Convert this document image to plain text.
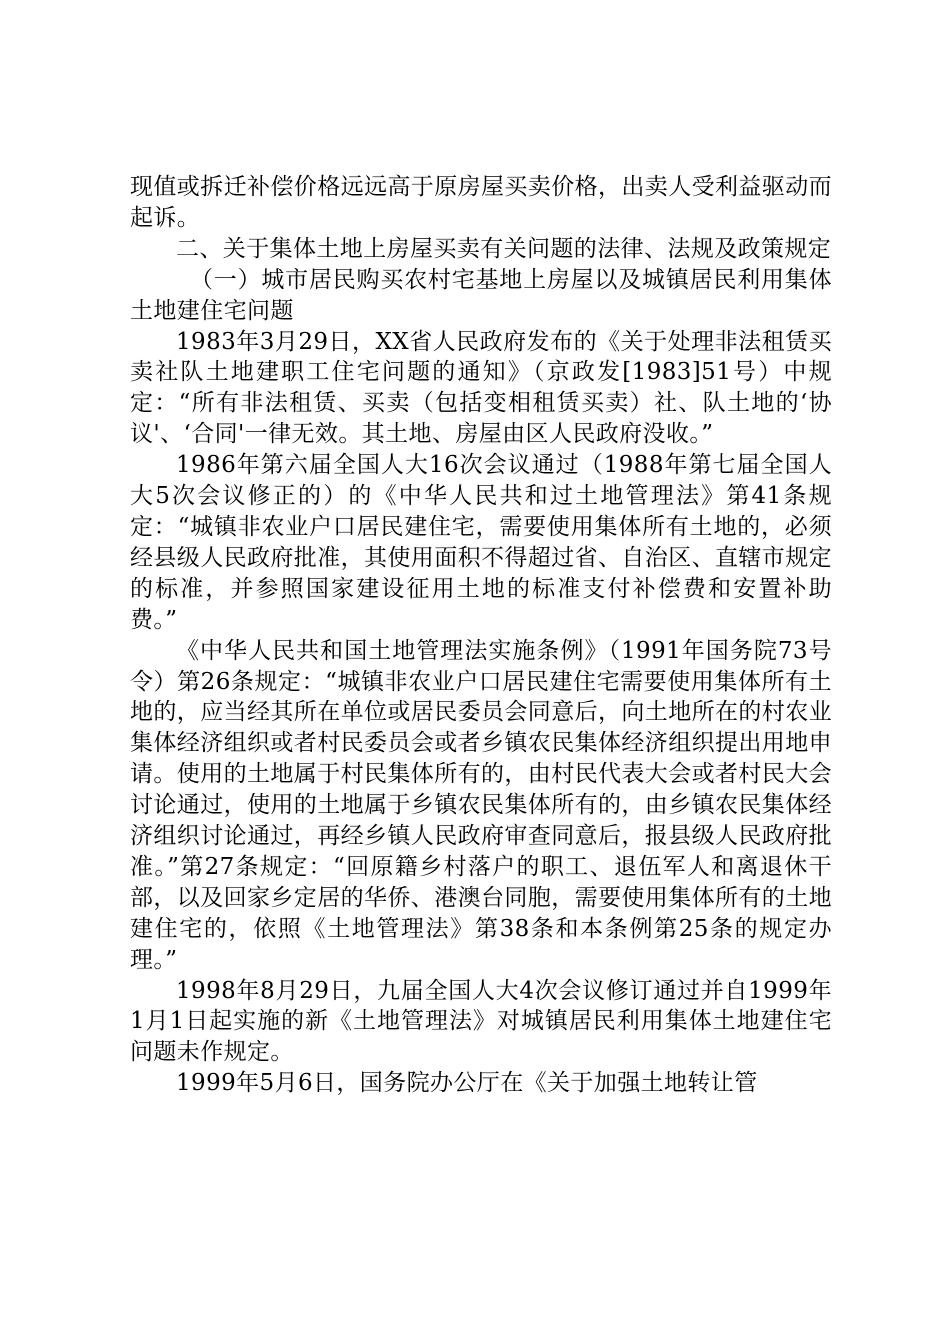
现值或拆迁补偿价格远远高于原房屋买卖价格，出卖人受利益驱动而起诉。

二、关于集体土地上房屋买卖有关问题的法律、法规及政策规定

（一）城市居民购买农村宅基地上房屋以及城镇居民利用集体土地建住宅问题

1983年3月29日，XX省人民政府发布的《关于处理非法租赁买卖社队土地建职工住宅问题的通知》（京政发[1983]51号）中规定：“所有非法租赁、买卖（包括变相租赁买卖）社、队土地的‘协议'、‘合同'一律无效。其土地、房屋由区人民政府没收。”

1986年第六届全国人大16次会议通过（1988年第七届全国人大5次会议修正的）的《中华人民共和过土地管理法》第41条规定：“城镇非农业户口居民建住宅，需要使用集体所有土地的，必须经县级人民政府批准，其使用面积不得超过省、自治区、直辖市规定的标准，并参照国家建设征用土地的标准支付补偿费和安置补助费。”

《中华人民共和国土地管理法实施条例》（1991年国务院73号令）第26条规定：“城镇非农业户口居民建住宅需要使用集体所有土地的，应当经其所在单位或居民委员会同意后，向土地所在的村农业集体经济组织或者村民委员会或者乡镇农民集体经济组织提出用地申请。使用的土地属于村民集体所有的，由村民代表大会或者村民大会讨论通过，使用的土地属于乡镇农民集体所有的，由乡镇农民集体经济组织讨论通过，再经乡镇人民政府审查同意后，报县级人民政府批准。”第27条规定：“回原籍乡村落户的职工、退伍军人和离退休干部，以及回家乡定居的华侨、港澳台同胞，需要使用集体所有的土地建住宅的，依照《土地管理法》第38条和本条例第25条的规定办理。”

1998年8月29日，九届全国人大4次会议修订通过并自1999年1月1日起实施的新《土地管理法》对城镇居民利用集体土地建住宅问题未作规定。

1999年5月6日，国务院办公厅在《关于加强土地转让管
